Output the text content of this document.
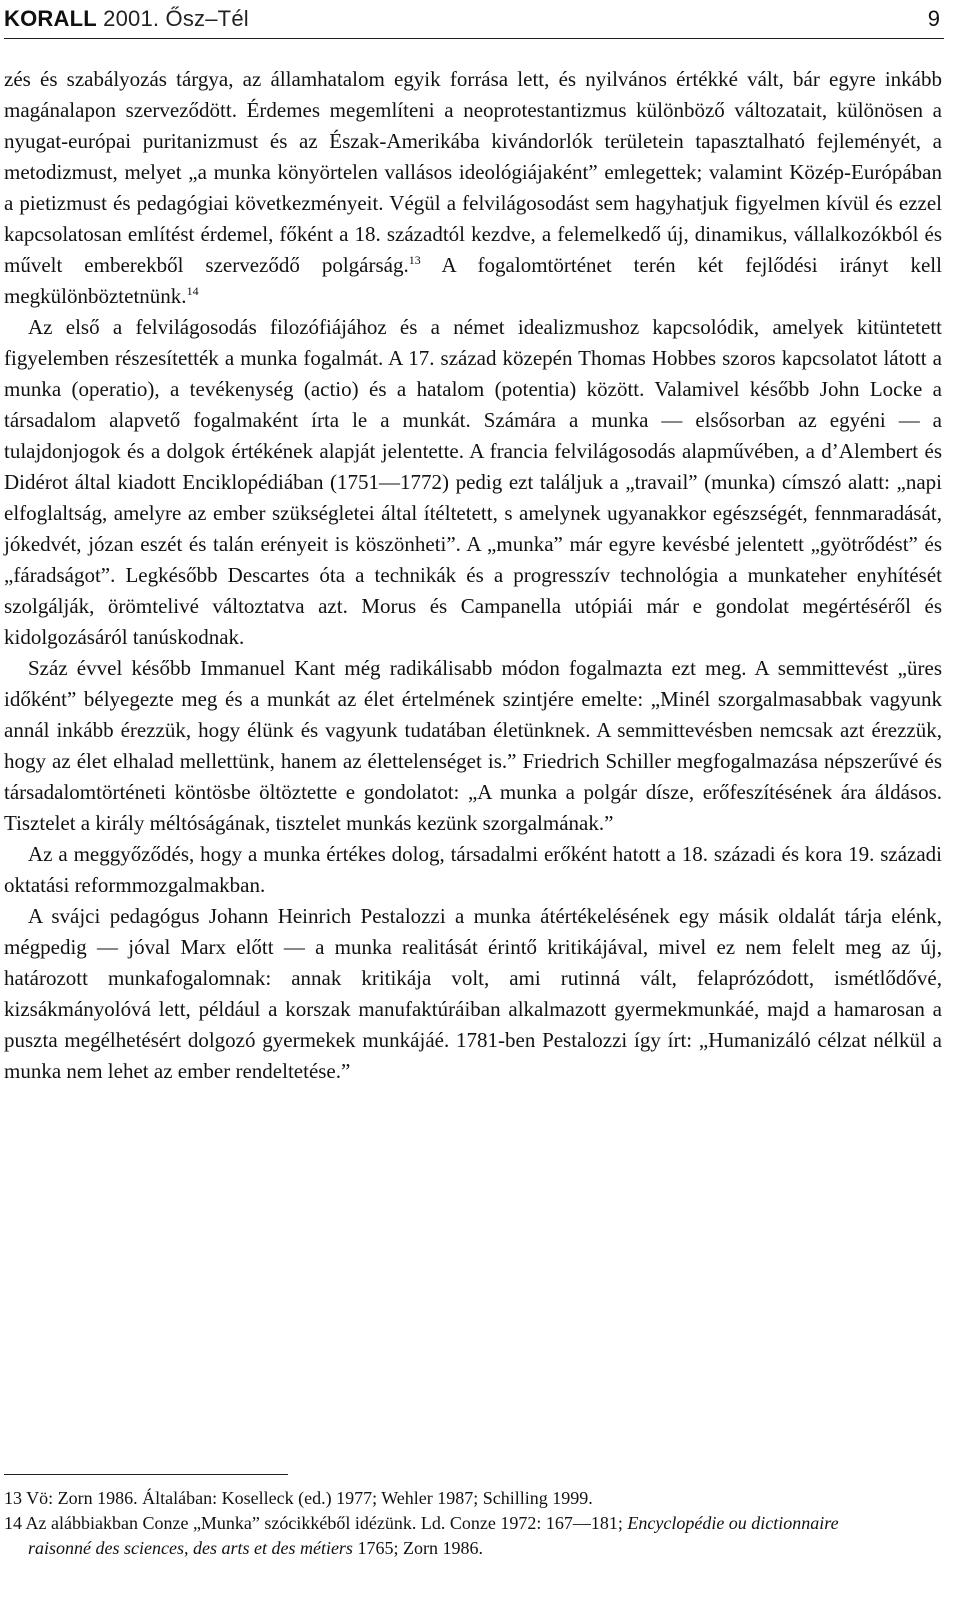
KORALL 2001. Ősz–Tél	9

zés és szabályozás tárgya, az államhatalom egyik forrása lett, és nyilvános értékké vált, bár egyre inkább magánalapon szerveződött. Érdemes megemlíteni a neoprotestantizmus különböző változatait, különösen a nyugat-európai puritanizmust és az Észak-Amerikába kivándorlók területein tapasztalható fejleményét, a metodizmust, melyet „a munka könyörtelen vallásos ideológiájaként” emlegettek; valamint Közép-Európában a pietizmust és pedagógiai következményeit. Végül a felvilágosodást sem hagyhatjuk figyelmen kívül és ezzel kapcsolatosan említést érdemel, főként a 18. századtól kezdve, a felemelkedő új, dinamikus, vállalkozókból és művelt emberekből szerveződő polgárság.$^{13}$ A fogalomtörténet terén két fejlődési irányt kell megkülönböztetnünk.$^{14}$

Az első a felvilágosodás filozófiájához és a német idealizmushoz kapcsolódik, amelyek kitüntetett figyelemben részesítették a munka fogalmát. A 17. század közepén Thomas Hobbes szoros kapcsolatot látott a munka (operatio), a tevékenység (actio) és a hatalom (potentia) között. Valamivel később John Locke a társadalom alapvető fogalmaként írta le a munkát. Számára a munka — elsősorban az egyéni — a tulajdonjogok és a dolgok értékének alapját jelentette. A francia felvilágosodás alapművében, a d’Alembert és Didérot által kiadott Enciklopédiában (1751—1772) pedig ezt találjuk a „travail” (munka) címszó alatt: „napi elfoglaltság, amelyre az ember szükségletei által ítéltetett, s amelynek ugyanakkor egészségét, fennmaradását, jókedvét, józan eszét és talán erényeit is köszönheti”. A „munka” már egyre kevésbé jelentett „gyötrődést” és „fáradságot”. Legkésőbb Descartes óta a technikák és a progresszív technológia a munkateher enyhítését szolgálják, örömtelivé változtatva azt. Morus és Campanella utópiái már e gondolat megértéséről és kidolgozásáról tanúskodnak.

Száz évvel később Immanuel Kant még radikálisabb módon fogalmazta ezt meg. A semmittevést „üres időként” bélyegezte meg és a munkát az élet értelmének szintjére emelte: „Minél szorgalmasabbak vagyunk annál inkább érezzük, hogy élünk és vagyunk tudatában életünknek. A semmittevésben nemcsak azt érezzük, hogy az élet elhalad mellettünk, hanem az élettelenséget is.” Friedrich Schiller megfogalmazása népszerűvé és társadalomtörténeti köntösbe öltöztette e gondolatot: „A munka a polgár dísze, erőfeszítésének ára áldásos. Tisztelet a király méltóságának, tisztelet munkás kezünk szorgalmának.”

Az a meggyőződés, hogy a munka értékes dolog, társadalmi erőként hatott a 18. századi és kora 19. századi oktatási reformmozgalmakban.

A svájci pedagógus Johann Heinrich Pestalozzi a munka átértékelésének egy másik oldalát tárja elénk, mégpedig — jóval Marx előtt — a munka realitását érintő kritikájával, mivel ez nem felelt meg az új, határozott munkafogalomnak: annak kritikája volt, ami rutinná vált, felaprózódott, ismétlődővé, kizsákmányolóvá lett, például a korszak manufaktúráiban alkalmazott gyermekmunkáé, majd a hamarosan a puszta megélhetésért dolgozó gyermekek munkájáé. 1781-ben Pestalozzi így írt: „Humanizáló célzat nélkül a munka nem lehet az ember rendeltetése.”

13 Vö: Zorn 1986. Általában: Koselleck (ed.) 1977; Wehler 1987; Schilling 1999.

14 Az alábbiakban Conze „Munka” szócikkéből idézünk. Ld. Conze 1972: 167—181; Encyclopédie ou dictionnaire
raisonné des sciences, des arts et des métiers 1765; Zorn 1986.
